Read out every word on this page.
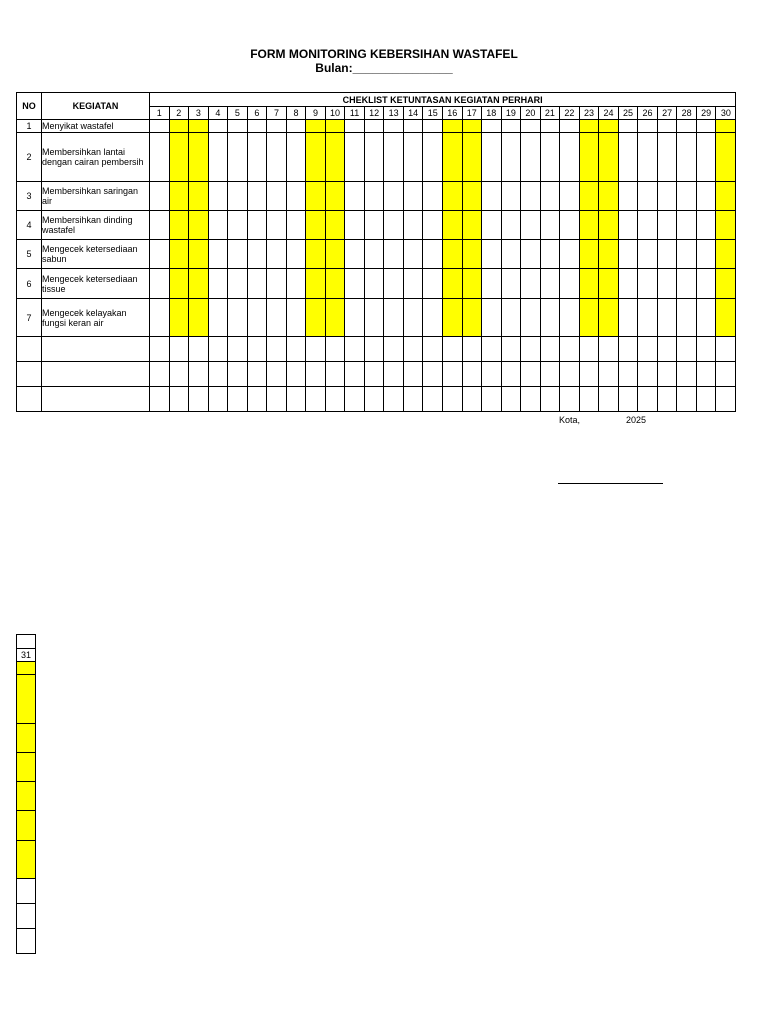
FORM MONITORING KEBERSIHAN WASTAFEL
Bulan:_______________
NO	KEGIATAN	CHEKLIST KETUNTASAN KEGIATAN PERHARI																													
		1	2	3	4	5	6	7	8	9	10	11	12	13	14	15	16	17	18	19	20	21	22	23	24	25	26	27	28	29	30
1	Menyikat wastafel																														
2	Membersihkan lantai dengan cairan pembersih																														
3	Membersihkan saringan air																														
4	Membersihkan dinding wastafel																														
5	Mengecek ketersediaan sabun																														
6	Mengecek ketersediaan tissue																														
7	Mengecek kelayakan fungsi keran air																														

31

Kota,	2025
